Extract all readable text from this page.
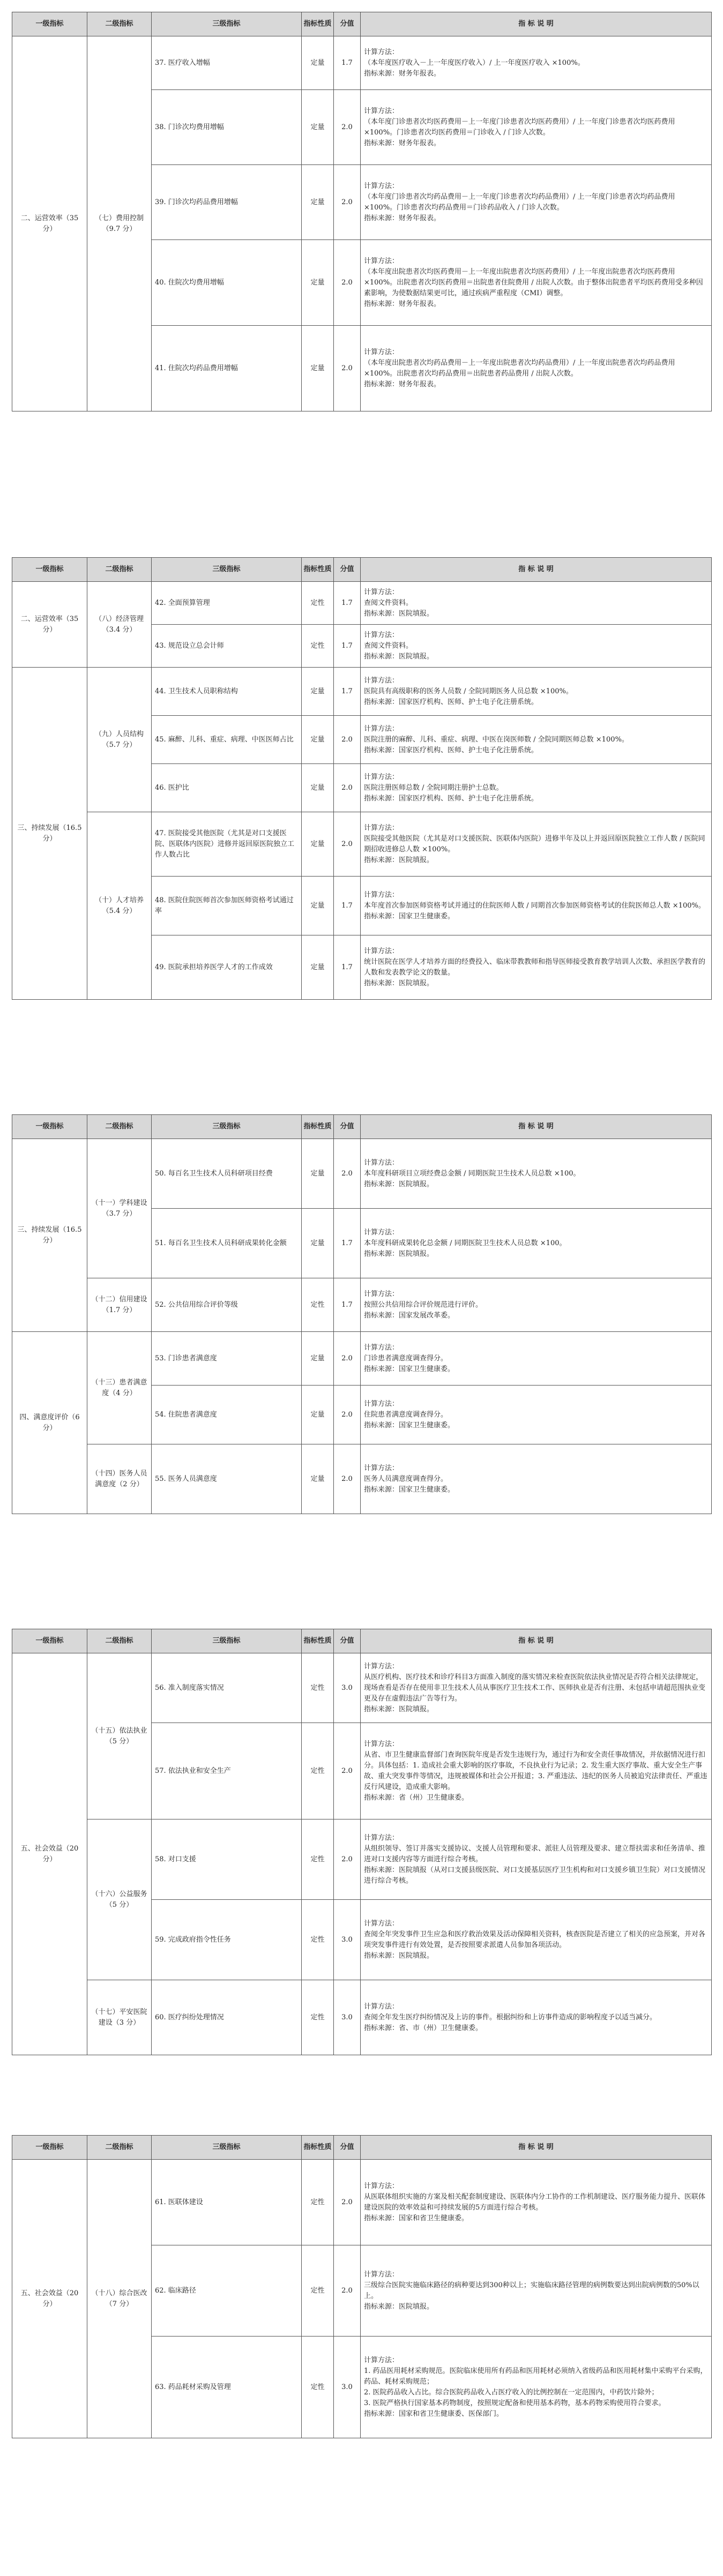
一级指标	二级指标	三级指标	指标性质	分值	指 标 说 明
二、运营效率（35 分）	（七）费用控制（9.7 分）	37. 医疗收入增幅	定量	1.7	计算方法：
（本年度医疗收入－上一年度医疗收入）/ 上一年度医疗收入 ×100%。
指标来源：财务年报表。

		38. 门诊次均费用增幅	定量	2.0	计算方法：
（本年度门诊患者次均医药费用－上一年度门诊患者次均医药费用）/ 上一年度门诊患者次均医药费用 ×100%。门诊患者次均医药费用＝门诊收入 / 门诊人次数。
指标来源：财务年报表。

		39. 门诊次均药品费用增幅	定量	2.0	计算方法：
（本年度门诊患者次均药品费用－上一年度门诊患者次均药品费用）/ 上一年度门诊患者次均药品费用 ×100%。门诊患者次均药品费用＝门诊药品收入 / 门诊人次数。
指标来源：财务年报表。

		40. 住院次均费用增幅	定量	2.0	计算方法：
（本年度出院患者次均医药费用－上一年度出院患者次均医药费用）/ 上一年度出院患者次均医药费用 ×100%。出院患者次均医药费用＝出院患者住院费用 / 出院人次数。由于整体出院患者平均医药费用受多种因素影响，为使数据结果更可比，通过疾病严重程度（CMI）调整。
指标来源：财务年报表。

		41. 住院次均药品费用增幅	定量	2.0	计算方法：
（本年度出院患者次均药品费用－上一年度出院患者次均药品费用）/ 上一年度出院患者次均药品费用 ×100%。出院患者次均药品费用＝出院患者药品费用 / 出院人次数。
指标来源：财务年报表。
一级指标	二级指标	三级指标	指标性质	分值	指 标 说 明
二、运营效率（35 分）	（八）经济管理（3.4 分）	42. 全面预算管理	定性	1.7	计算方法：
查阅文件资料。
指标来源：医院填报。

		43. 规范设立总会计师	定性	1.7	计算方法：
查阅文件资料。
指标来源：医院填报。

三、持续发展（16.5 分）	（九）人员结构（5.7 分）	44. 卫生技术人员职称结构	定量	1.7	计算方法：
医院具有高级职称的医务人员数 / 全院同期医务人员总数 ×100%。
指标来源：国家医疗机构、医师、护士电子化注册系统。

		45. 麻醉、儿科、重症、病理、中医医师占比	定量	2.0	计算方法：
医院注册的麻醉、儿科、重症、病理、中医在岗医师数 / 全院同期医师总数 ×100%。
指标来源：国家医疗机构、医师、护士电子化注册系统。

		46. 医护比	定量	2.0	计算方法：
医院注册医师总数 / 全院同期注册护士总数。
指标来源：国家医疗机构、医师、护士电子化注册系统。

	（十）人才培养（5.4 分）	47. 医院接受其他医院（尤其是对口支援医院、医联体内医院）进修并返回原医院独立工作人数占比	定量	2.0	计算方法：
医院接受其他医院（尤其是对口支援医院、医联体内医院）进修半年及以上并返回原医院独立工作人数 / 医院同期招收进修总人数 ×100%。
指标来源：医院填报。

		48. 医院住院医师首次参加医师资格考试通过率	定量	1.7	计算方法：
本年度首次参加医师资格考试并通过的住院医师人数 / 同期首次参加医师资格考试的住院医师总人数 ×100%。
指标来源：国家卫生健康委。

		49. 医院承担培养医学人才的工作成效	定量	1.7	计算方法：
统计医院在医学人才培养方面的经费投入、临床带教教师和指导医师接受教育教学培训人次数、承担医学教育的人数和发表教学论文的数量。
指标来源：医院填报。
一级指标	二级指标	三级指标	指标性质	分值	指 标 说 明
三、持续发展（16.5 分）	（十一）学科建设（3.7 分）	50. 每百名卫生技术人员科研项目经费	定量	2.0	计算方法：
本年度科研项目立项经费总金额 / 同期医院卫生技术人员总数 ×100。
指标来源：医院填报。

		51. 每百名卫生技术人员科研成果转化金额	定量	1.7	计算方法：
本年度科研成果转化总金额 / 同期医院卫生技术人员总数 ×100。
指标来源：医院填报。

	（十二）信用建设（1.7 分）	52. 公共信用综合评价等级	定性	1.7	计算方法：
按照公共信用综合评价规范进行评价。
指标来源：国家发展改革委。

四、满意度评价（6 分）	（十三）患者满意度（4 分）	53. 门诊患者满意度	定量	2.0	计算方法：
门诊患者满意度调查得分。
指标来源：国家卫生健康委。

		54. 住院患者满意度	定量	2.0	计算方法：
住院患者满意度调查得分。
指标来源：国家卫生健康委。

	（十四）医务人员满意度（2 分）	55. 医务人员满意度	定量	2.0	计算方法：
医务人员满意度调查得分。
指标来源：国家卫生健康委。
一级指标	二级指标	三级指标	指标性质	分值	指 标 说 明
五、社会效益（20 分）	（十五）依法执业（5 分）	56. 准入制度落实情况	定性	3.0	计算方法：
从医疗机构、医疗技术和诊疗科目3方面准入制度的落实情况来检查医院依法执业情况是否符合相关法律规定，现场查看是否存在使用非卫生技术人员从事医疗卫生技术工作、医师执业是否有注册、未包括申请超范围执业变更及存在虚假违法广告等行为。
指标来源：医院填报。

		57. 依法执业和安全生产	定性	2.0	计算方法：
从省、市卫生健康监督部门查询医院年度是否发生违规行为，通过行为和安全责任事故情况，并依据情况进行扣分。具体包括：1. 造成社会重大影响的医疗事故，不良执业行为记录；2. 发生重大医疗事故、重大安全生产事故、重大突发事件等情况，违规被媒体和社会公开报道；3. 严重违法、违纪的医务人员被追究法律责任、严重违反行风建设，造成重大影响。
指标来源：省（州）卫生健康委。

	（十六）公益服务（5 分）	58. 对口支援	定性	2.0	计算方法：
从组织领导、签订并落实支援协议、支援人员管理和要求、派驻人员管理及要求、建立帮扶需求和任务清单、推进对口支援内容等方面进行综合考核。
指标来源：医院填报（从对口支援县级医院、对口支援基层医疗卫生机构和对口支援乡镇卫生院）对口支援情况进行综合考核。

		59. 完成政府指令性任务	定性	3.0	计算方法：
查阅全年突发事件卫生应急和医疗救治效果及活动保障相关资料，核查医院是否建立了相关的应急预案，并对各项突发事件进行有效处置，是否按照要求派遣人员参加各项活动。
指标来源：医院填报。

	（十七）平安医院建设（3 分）	60. 医疗纠纷处理情况	定性	3.0	计算方法：
查阅全年发生医疗纠纷情况及上访的事件。根据纠纷和上访事件造成的影响程度予以适当减分。
指标来源：省、市（州）卫生健康委。
一级指标	二级指标	三级指标	指标性质	分值	指 标 说 明
五、社会效益（20 分）	（十八）综合医改（7 分）	61. 医联体建设	定性	2.0	计算方法：
从医联体组织实施的方案及相关配套制度建设、医联体内分工协作的工作机制建设、医疗服务能力提升、医联体建设医院的效率效益和可持续发展的5方面进行综合考核。
指标来源：国家和省卫生健康委。

		62. 临床路径	定性	2.0	计算方法：
三级综合医院实施临床路径的病种要达到300种以上；实施临床路径管理的病例数要达到出院病例数的50%以上。
指标来源：医院填报。

		63. 药品耗材采购及管理	定性	3.0	计算方法：
1. 药品医用耗材采购规范。医院临床使用所有药品和医用耗材必须纳入省级药品和医用耗材集中采购平台采购，药品、耗材采购规范；
2. 医院药品收入占比。综合医院药品收入占医疗收入的比例控制在一定范围内，中药饮片除外；
3. 医院严格执行国家基本药物制度，按照规定配备和使用基本药物，基本药物采购使用符合要求。
指标来源：国家和省卫生健康委、医保部门。
